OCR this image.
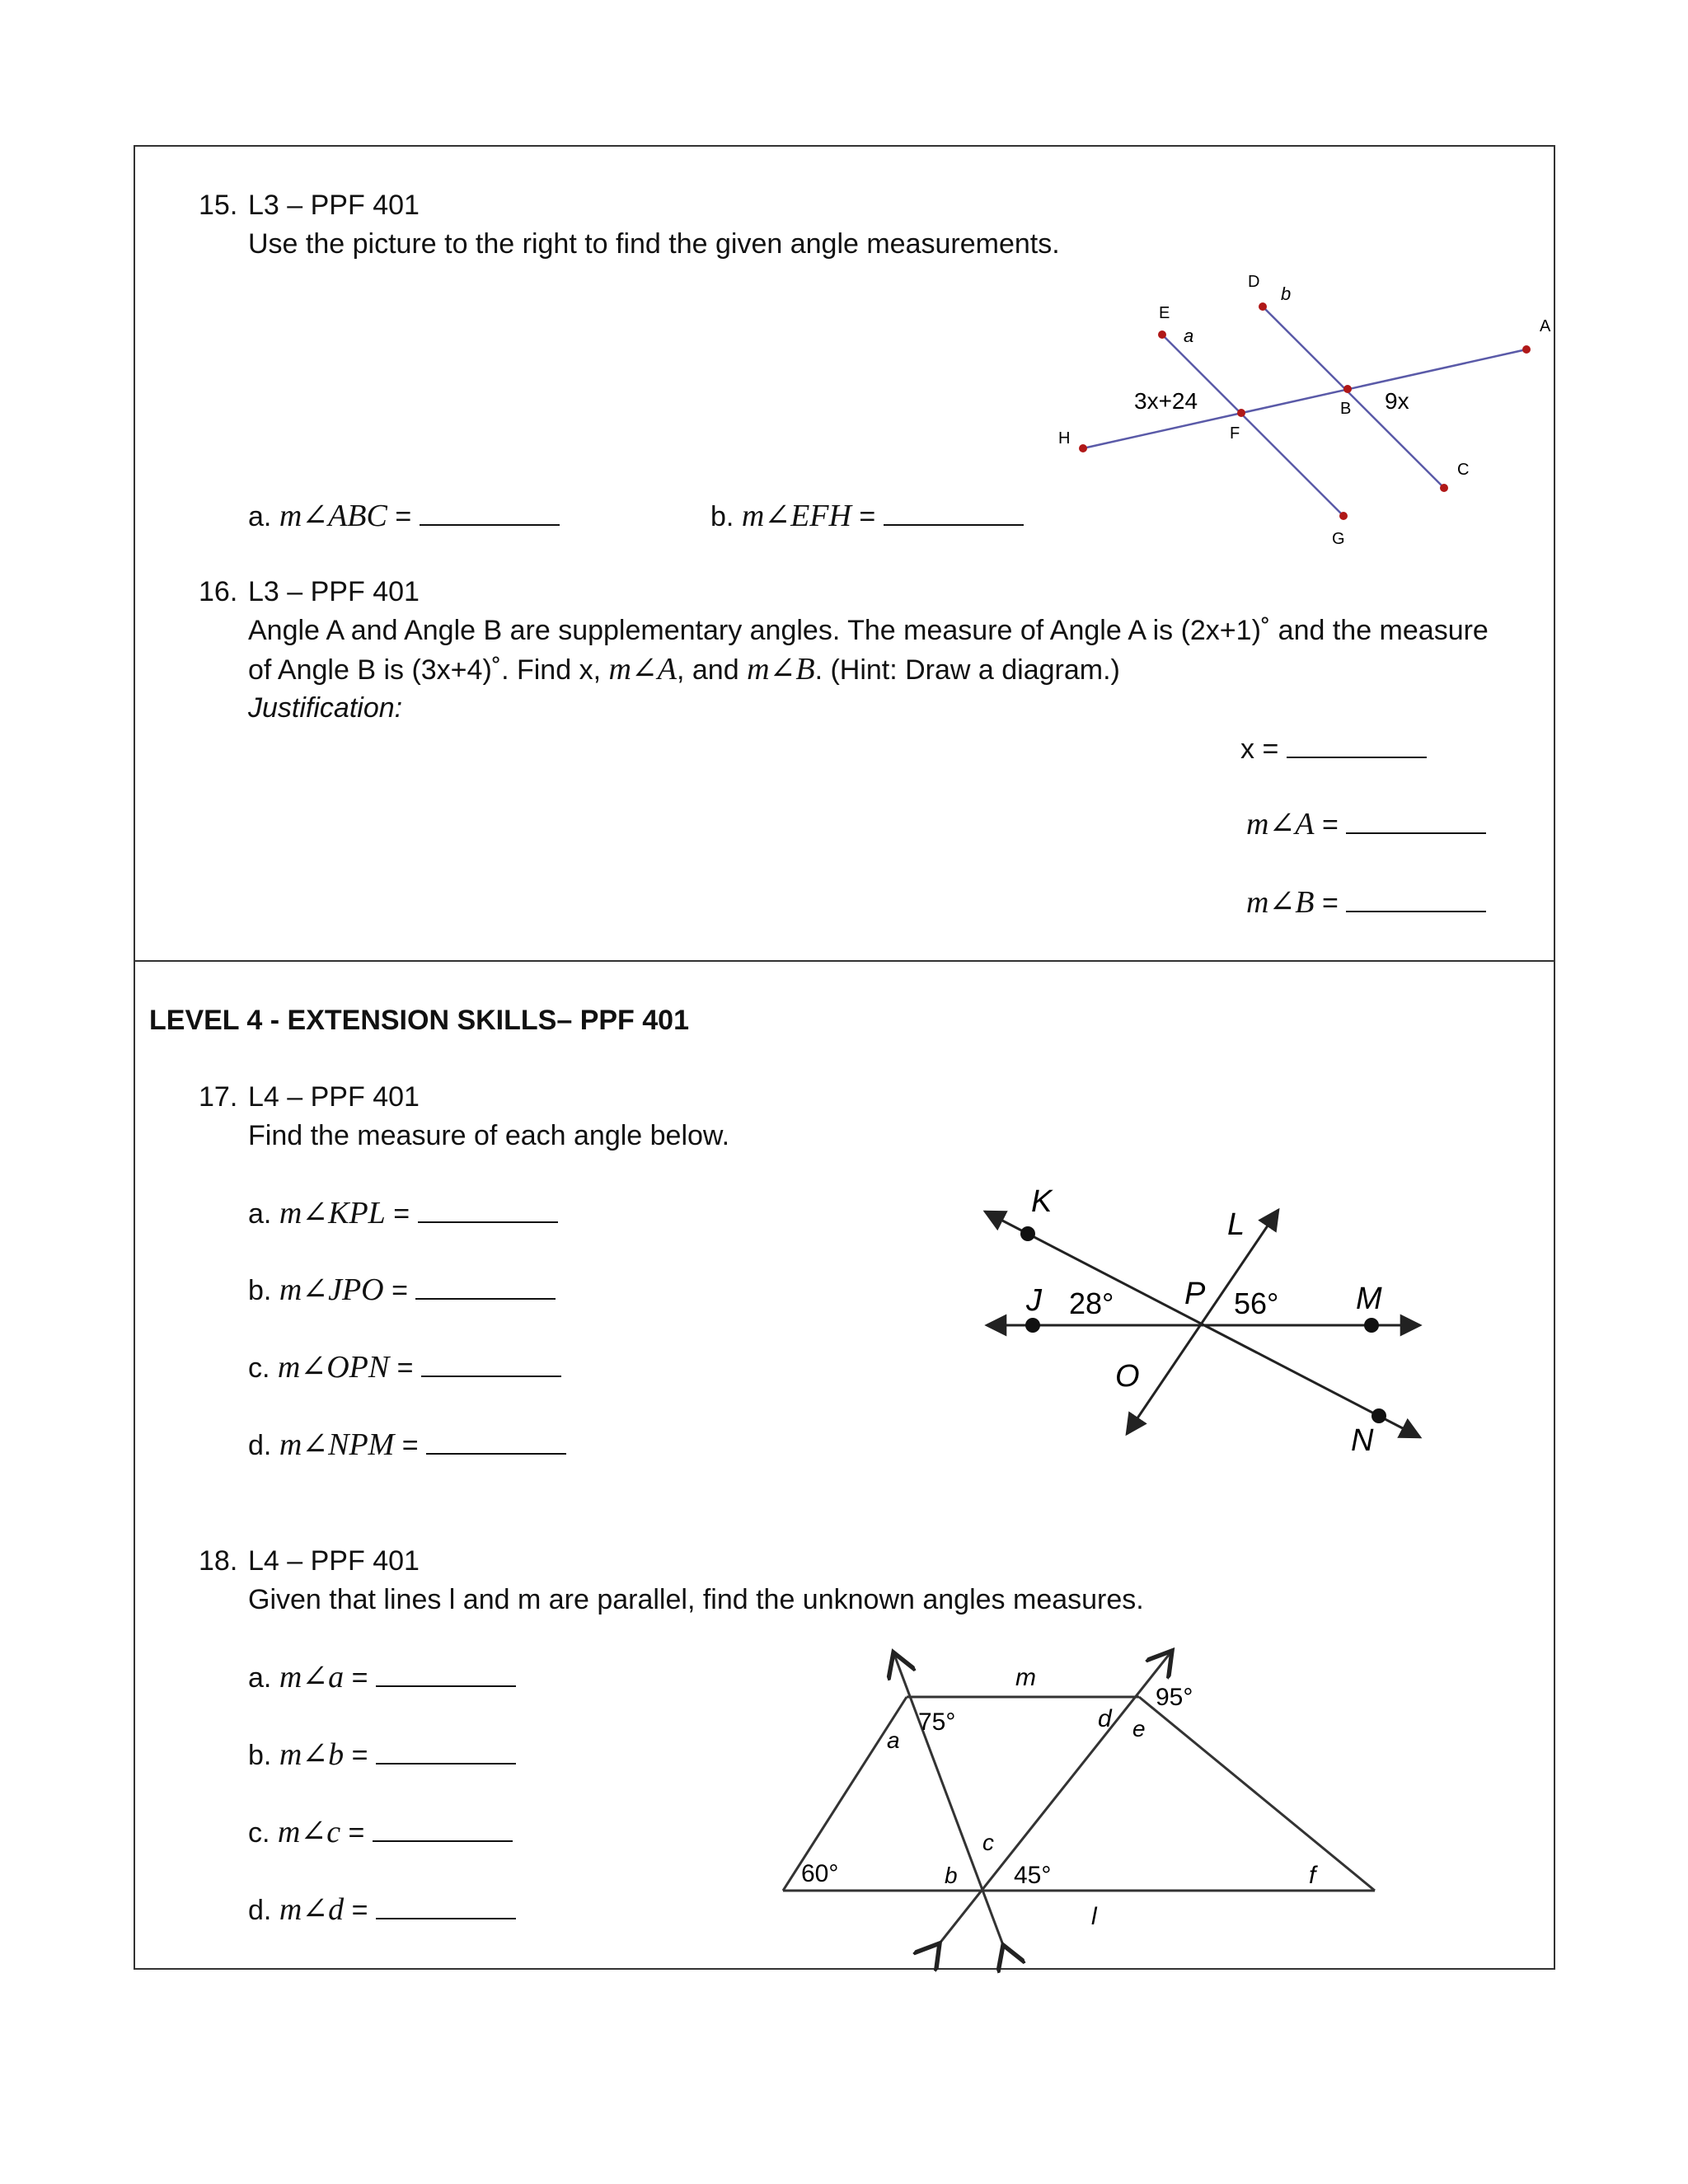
15. L3 – PPF 401
Use the picture to the right to find the given angle measurements.
a. m∠ABC =	b. m∠EFH =
H
A
E
a
D
b
F
B
C
G
3x+24	9x
16. L3 – PPF 401
Angle A and Angle B are supplementary angles. The measure of Angle A is (2x+1)˚ and the measure
of Angle B is (3x+4)˚. Find x, m∠A, and m∠B. (Hint: Draw a diagram.)
Justification:
x =
m∠A =
m∠B =
LEVEL 4 - EXTENSION SKILLS– PPF 401
17. L4 – PPF 401
Find the measure of each angle below.
a. m∠KPL =
b. m∠JPO =
c. m∠OPN =
d. m∠NPM =
K
L
J 28° P 56° M
O
N
18. L4 – PPF 401
Given that lines l and m are parallel, find the unknown angles measures.
a. m∠a =
b. m∠b =
c. m∠c =
d. m∠d =
m
75°
a
d e
95°
c
60°	b 45°	f
l
